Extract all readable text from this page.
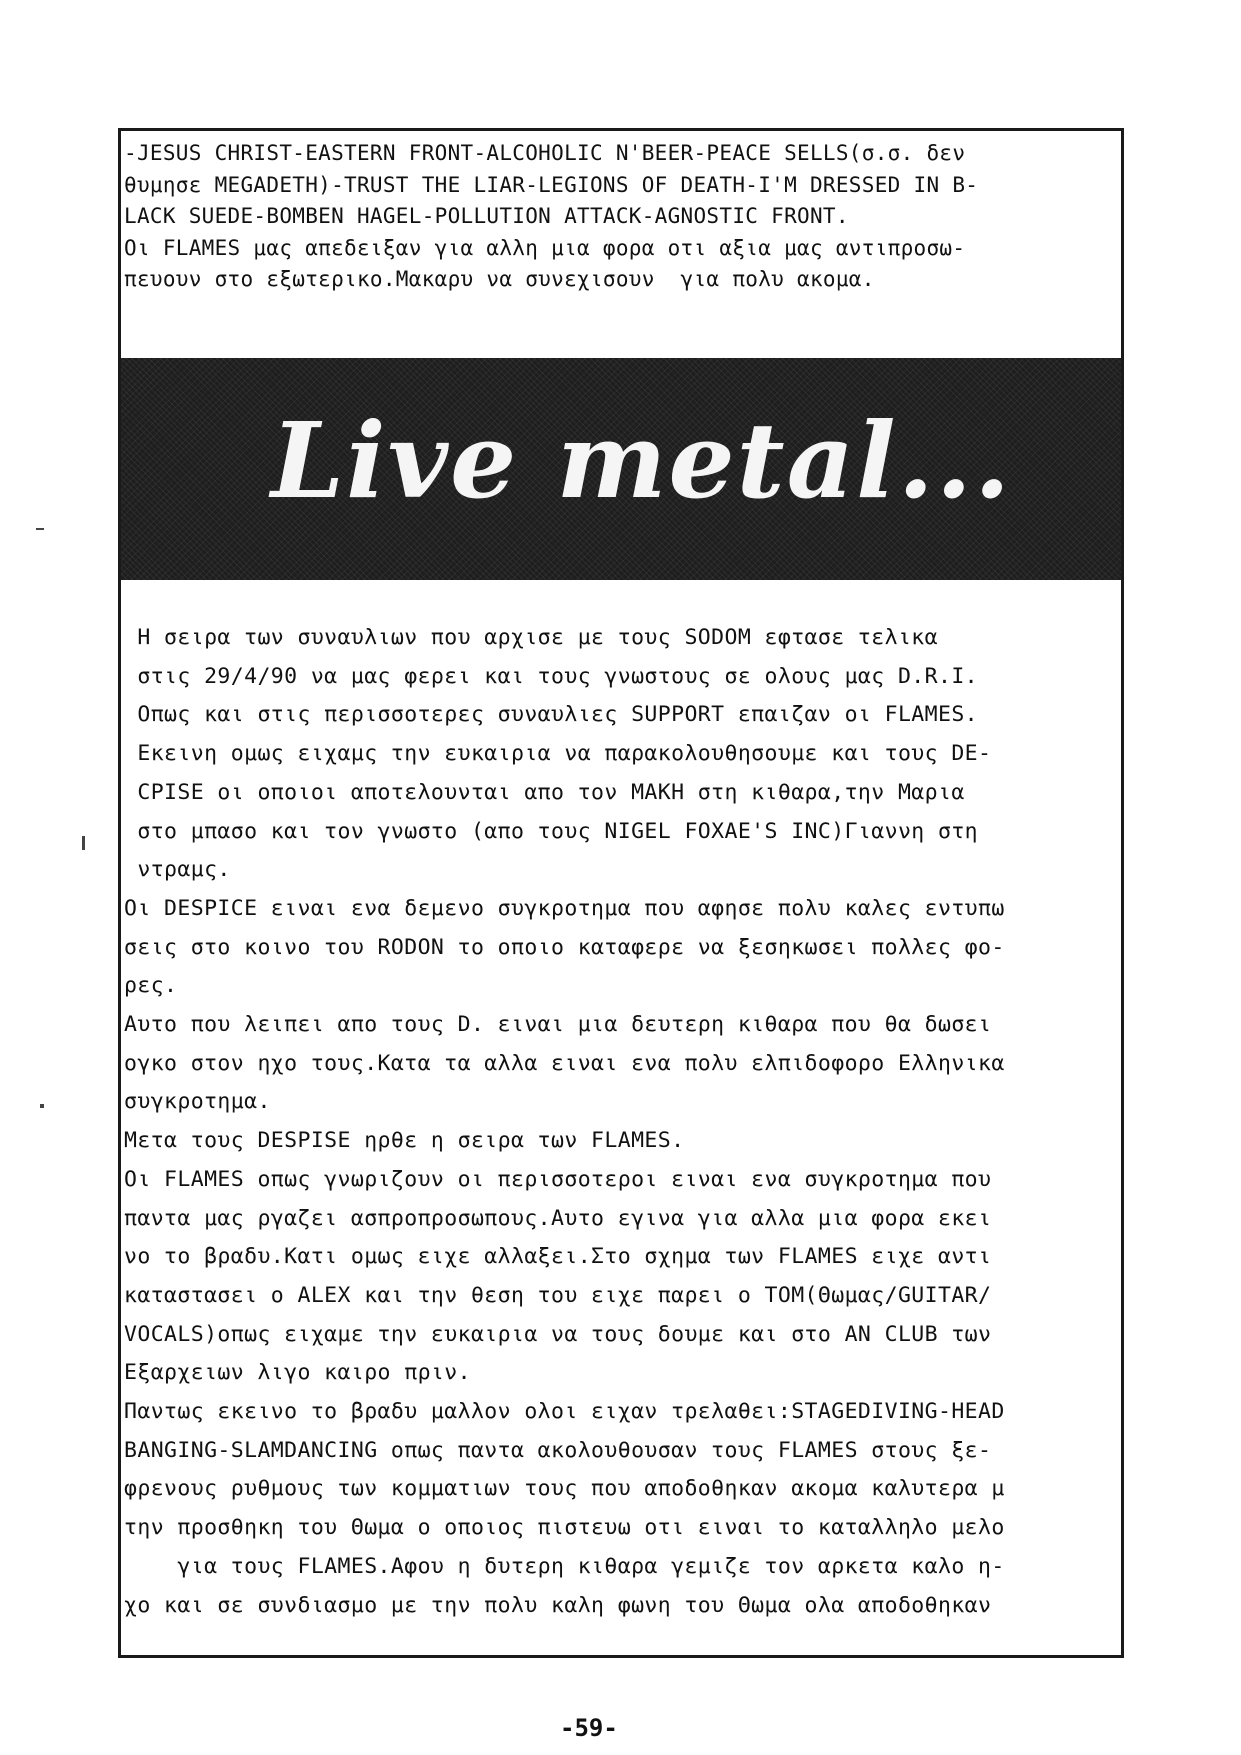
-JESUS CHRIST-EASTERN FRONT-ALCOHOLIC N'BEER-PEACE SELLS(σ.σ. δεν
θυμησε MEGADETH)-TRUST THE LIAR-LEGIONS OF DEATH-I'M DRESSED IN B-
LACK SUEDE-BOMBEN HAGEL-POLLUTION ATTACK-AGNOSTIC FRONT.
Οι FLAMES μας απεδειξαν για αλλη μια φορα οτι αξια μας αντιπροσω-
πευουν στο εξωτερικο.Μακαρυ να συνεχισουν  για πολυ ακομα.
Live metal...
Η σειρα των συναυλιων που αρχισε με τους SODOM εφτασε τελικα
στις 29/4/90 να μας φερει και τους γνωστους σε ολους μας D.R.I.
Οπως και στις περισσοτερες συναυλιες SUPPORT επαιζαν οι FLAMES.
Εκεινη ομως ειχαμς την ευκαιρια να παρακολουθησουμε και τους DE-
CPISE οι οποιοι αποτελουνται απο τον ΜΑΚΗ στη κιθαρα,την Μαρια
στο μπασο και τον γνωστο (απο τους NIGEL FOXAE'S INC)Γιαννη στη
ντραμς.
Οι DESPICE ειναι ενα δεμενο συγκροτημα που αφησε πολυ καλες εντυπω
σεις στο κοινο του RODON το οποιο καταφερε να ξεσηκωσει πολλες φο-
ρες.
Αυτο που λειπει απο τους D. ειναι μια δευτερη κιθαρα που θα δωσει
ογκο στον ηχο τους.Κατα τα αλλα ειναι ενα πολυ ελπιδοφορο Ελληνικα
συγκροτημα.
Μετα τους DESPISE ηρθε η σειρα των FLAMES.
Οι FLAMES οπως γνωριζουν οι περισσοτεροι ειναι ενα συγκροτημα που
παντα μας ργαζει ασπροπροσωπους.Αυτο εγινα για αλλα μια φορα εκει
νο το βραδυ.Κατι ομως ειχε αλλαξει.Στο σχημα των FLAMES ειχε αντι
καταστασει ο ALEX και την θεση του ειχε παρει ο TOM(Θωμας/GUITAR/
VOCALS)οπως ειχαμε την ευκαιρια να τους δουμε και στο AN CLUB των
Εξαρχειων λιγο καιρο πριν.
Παντως εκεινο το βραδυ μαλλον ολοι ειχαν τρελαθει:STAGEDIVING-HEAD
BANGING-SLAMDANCING οπως παντα ακολουθουσαν τους FLAMES στους ξε-
φρενους ρυθμους των κομματιων τους που αποδοθηκαν ακομα καλυτερα μ
την προσθηκη του Θωμα ο οποιος πιστευω οτι ειναι το καταλληλο μελο
για τους FLAMES.Αφου η δυτερη κιθαρα γεμιζε τον αρκετα καλο η-
χο και σε συνδιασμο με την πολυ καλη φωνη του Θωμα ολα αποδοθηκαν
-59-
